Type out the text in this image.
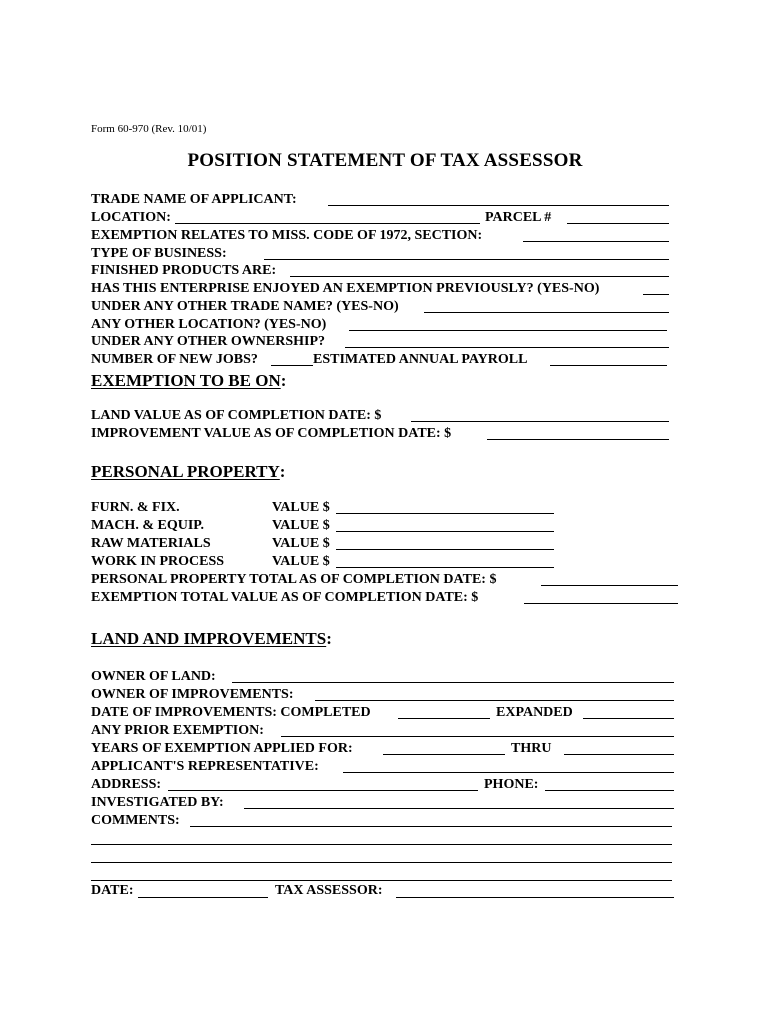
Form 60-970 (Rev. 10/01)
POSITION STATEMENT OF TAX ASSESSOR
TRADE NAME OF APPLICANT:
LOCATION:	PARCEL #
EXEMPTION RELATES TO MISS. CODE OF 1972, SECTION:
TYPE OF BUSINESS:
FINISHED PRODUCTS ARE:
HAS THIS ENTERPRISE ENJOYED AN EXEMPTION PREVIOUSLY? (YES-NO)
UNDER ANY OTHER TRADE NAME? (YES-NO)
ANY OTHER LOCATION? (YES-NO)
UNDER ANY OTHER OWNERSHIP?
NUMBER OF NEW JOBS?	ESTIMATED ANNUAL PAYROLL
EXEMPTION TO BE ON:
LAND VALUE AS OF COMPLETION DATE: $
IMPROVEMENT VALUE AS OF COMPLETION DATE: $
PERSONAL PROPERTY:
FURN. & FIX.	VALUE $
MACH. & EQUIP.	VALUE $
RAW MATERIALS	VALUE $
WORK IN PROCESS	VALUE $
PERSONAL PROPERTY TOTAL AS OF COMPLETION DATE: $
EXEMPTION TOTAL VALUE AS OF COMPLETION DATE: $
LAND AND IMPROVEMENTS:
OWNER OF LAND:
OWNER OF IMPROVEMENTS:
DATE OF IMPROVEMENTS: COMPLETED	EXPANDED
ANY PRIOR EXEMPTION:
YEARS OF EXEMPTION APPLIED FOR:	THRU
APPLICANT'S REPRESENTATIVE:
ADDRESS:	PHONE:
INVESTIGATED BY:
COMMENTS:
DATE:	TAX ASSESSOR:
